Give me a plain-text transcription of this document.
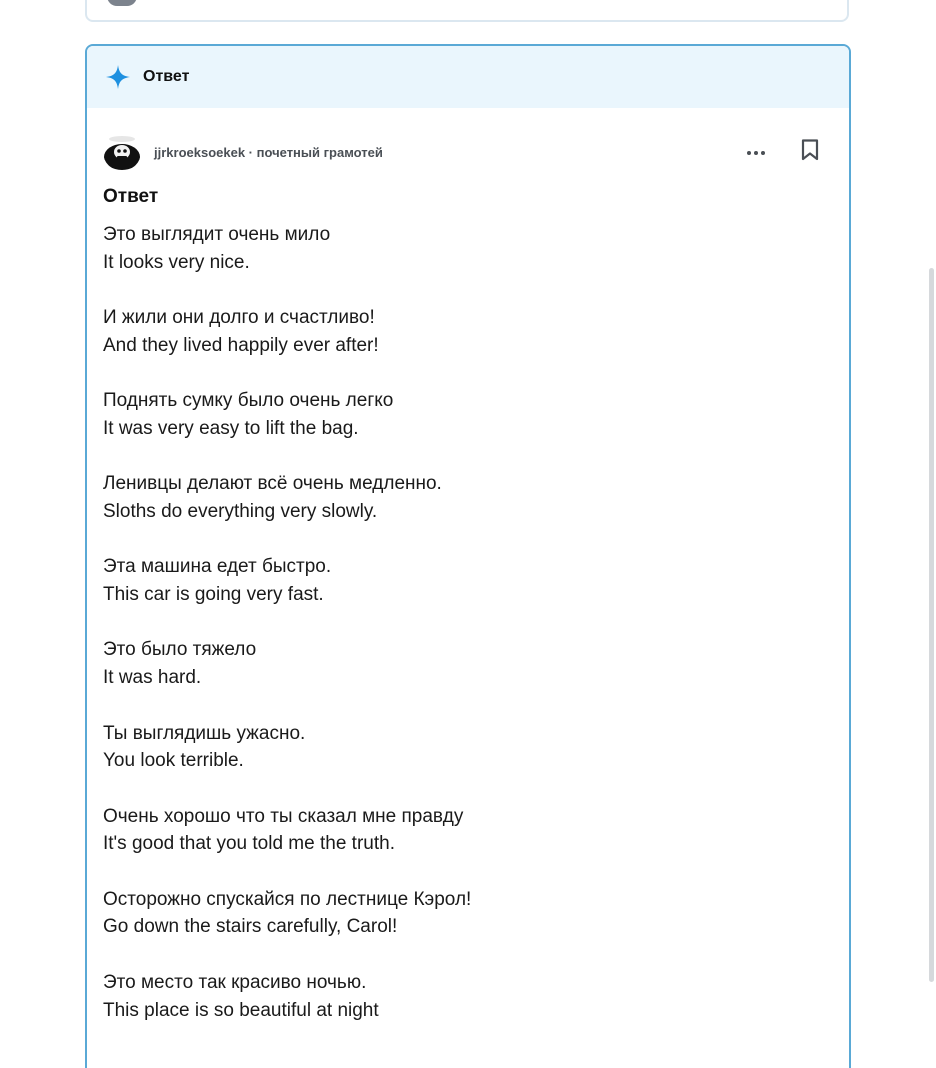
Ответ
jjrkroeksoekek · почетный грамотей
Ответ
Это выглядит очень мило
It looks very nice.
И жили они долго и счастливо!
And they lived happily ever after!
Поднять сумку было очень легко
It was very easy to lift the bag.
Ленивцы делают всё очень медленно.
Sloths do everything very slowly.
Эта машина едет быстро.
This car is going very fast.
Это было тяжело
It was hard.
Ты выглядишь ужасно.
You look terrible.
Очень хорошо что ты сказал мне правду
It's good that you told me the truth.
Осторожно спускайся по лестнице Кэрол!
Go down the stairs carefully, Carol!
Это место так красиво ночью.
This place is so beautiful at night
